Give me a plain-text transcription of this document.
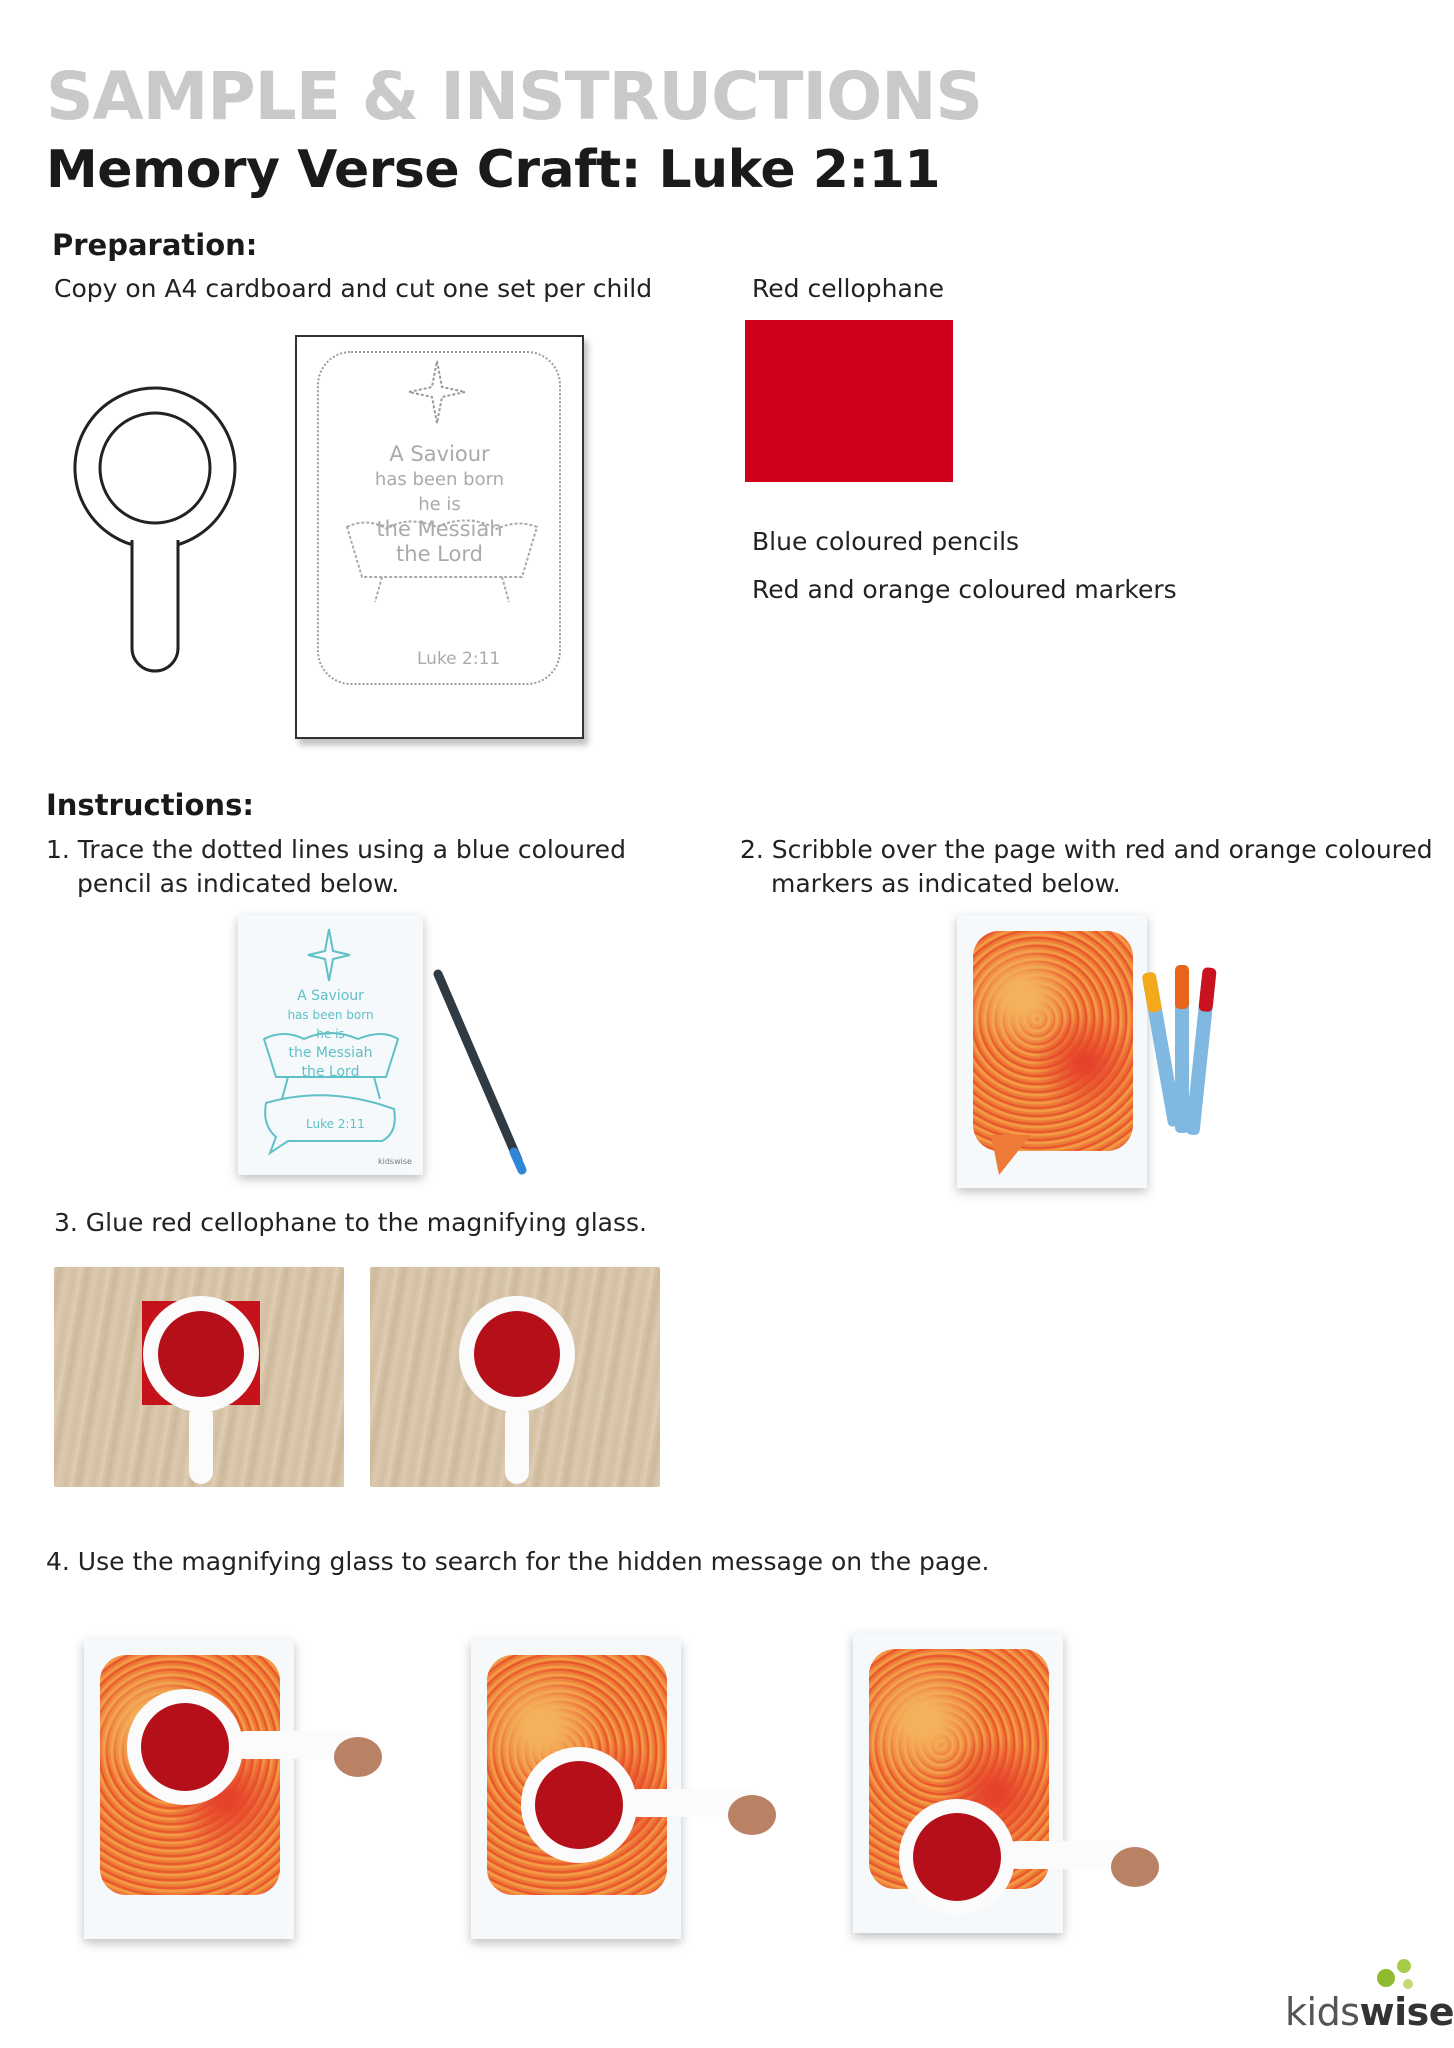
SAMPLE & INSTRUCTIONS
Memory Verse Craft: Luke 2:11
Preparation:
Copy on A4 cardboard and cut one set per child
A Saviour
has been born
he is
the Messiah
the Lord
Luke 2:11
Red cellophane
Blue coloured pencils
Red and orange coloured markers
Instructions:
1. Trace the dotted lines using a blue coloured
pencil as indicated below.
2. Scribble over the page with red and orange coloured
markers as indicated below.
A Saviour
has been born
he is
the Messiah
the Lord
Luke 2:11
kidswise
3. Glue red cellophane to the magnifying glass.
4. Use the magnifying glass to search for the hidden message on the page.
kidswise
